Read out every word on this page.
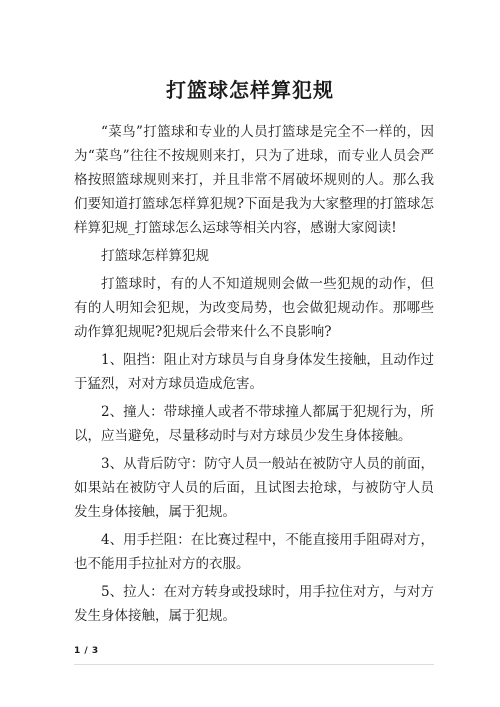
打篮球怎样算犯规

“菜鸟”打篮球和专业的人员打篮球是完全不一样的，因为“菜鸟”往往不按规则来打，只为了进球，而专业人员会严格按照篮球规则来打，并且非常不屑破坏规则的人。那么我们要知道打篮球怎样算犯规?下面是我为大家整理的打篮球怎样算犯规_打篮球怎么运球等相关内容，感谢大家阅读!

打篮球怎样算犯规

打篮球时，有的人不知道规则会做一些犯规的动作，但有的人明知会犯规，为改变局势，也会做犯规动作。那哪些动作算犯规呢?犯规后会带来什么不良影响?

1、阻挡：阻止对方球员与自身身体发生接触，且动作过于猛烈，对对方球员造成危害。

2、撞人：带球撞人或者不带球撞人都属于犯规行为，所以，应当避免，尽量移动时与对方球员少发生身体接触。

3、从背后防守：防守人员一般站在被防守人员的前面，如果站在被防守人员的后面，且试图去抢球，与被防守人员发生身体接触，属于犯规。

4、用手拦阻：在比赛过程中，不能直接用手阻碍对方，也不能用手拉扯对方的衣服。

5、拉人：在对方转身或投球时，用手拉住对方，与对方发生身体接触，属于犯规。

1 / 3
